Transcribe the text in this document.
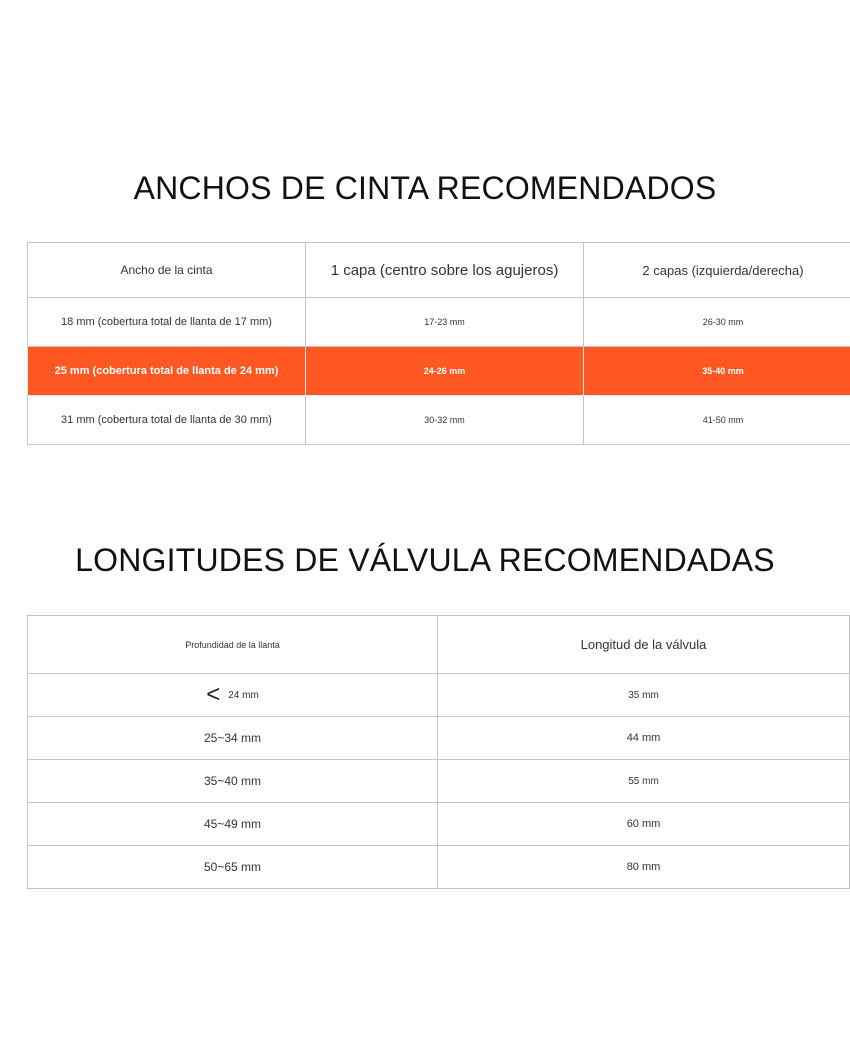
ANCHOS DE CINTA RECOMENDADOS
Ancho de la cinta	1 capa (centro sobre los agujeros)	2 capas (izquierda/derecha)
18 mm (cobertura total de llanta de 17 mm)	17-23 mm	26-30 mm
25 mm (cobertura total de llanta de 24 mm)	24-26 mm	35-40 mm
31 mm (cobertura total de llanta de 30 mm)	30-32 mm	41-50 mm
LONGITUDES DE VÁLVULA RECOMENDADAS
Profundidad de la llanta	Longitud de la válvula
< 24 mm	35 mm
25~34 mm	44 mm
35~40 mm	55 mm
45~49 mm	60 mm
50~65 mm	80 mm
